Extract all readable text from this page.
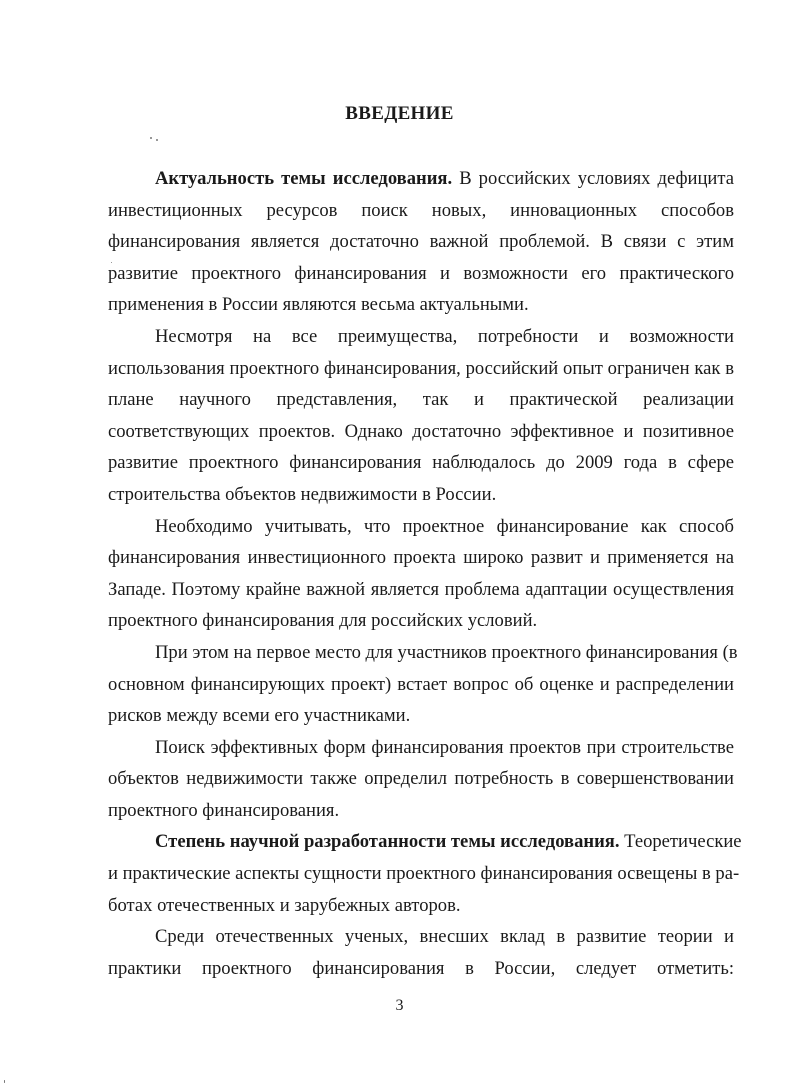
ВВЕДЕНИЕ
Актуальность темы исследования. В российских условиях дефицита
инвестиционных ресурсов поиск новых, инновационных способов
финансирования является достаточно важной проблемой. В связи с этим
развитие проектного финансирования и возможности его практического
применения в России являются весьма актуальными.
Несмотря на все преимущества, потребности и возможности
использования проектного финансирования, российский опыт ограничен как в
плане научного представления, так и практической реализации
соответствующих проектов. Однако достаточно эффективное и позитивное
развитие проектного финансирования наблюдалось до 2009 года в сфере
строительства объектов недвижимости в России.
Необходимо учитывать, что проектное финансирование как способ
финансирования инвестиционного проекта широко развит и применяется на
Западе. Поэтому крайне важной является проблема адаптации осуществления
проектного финансирования для российских условий.
При этом на первое место для участников проектного финансирования (в
основном финансирующих проект) встает вопрос об оценке и распределении
рисков между всеми его участниками.
Поиск эффективных форм финансирования проектов при строительстве
объектов недвижимости также определил потребность в совершенствовании
проектного финансирования.
Степень научной разработанности темы исследования. Теоретические
и практические аспекты сущности проектного финансирования освещены в ра-
ботах отечественных и зарубежных авторов.
Среди отечественных ученых, внесших вклад в развитие теории и
практики проектного финансирования в России, следует отметить:
3
